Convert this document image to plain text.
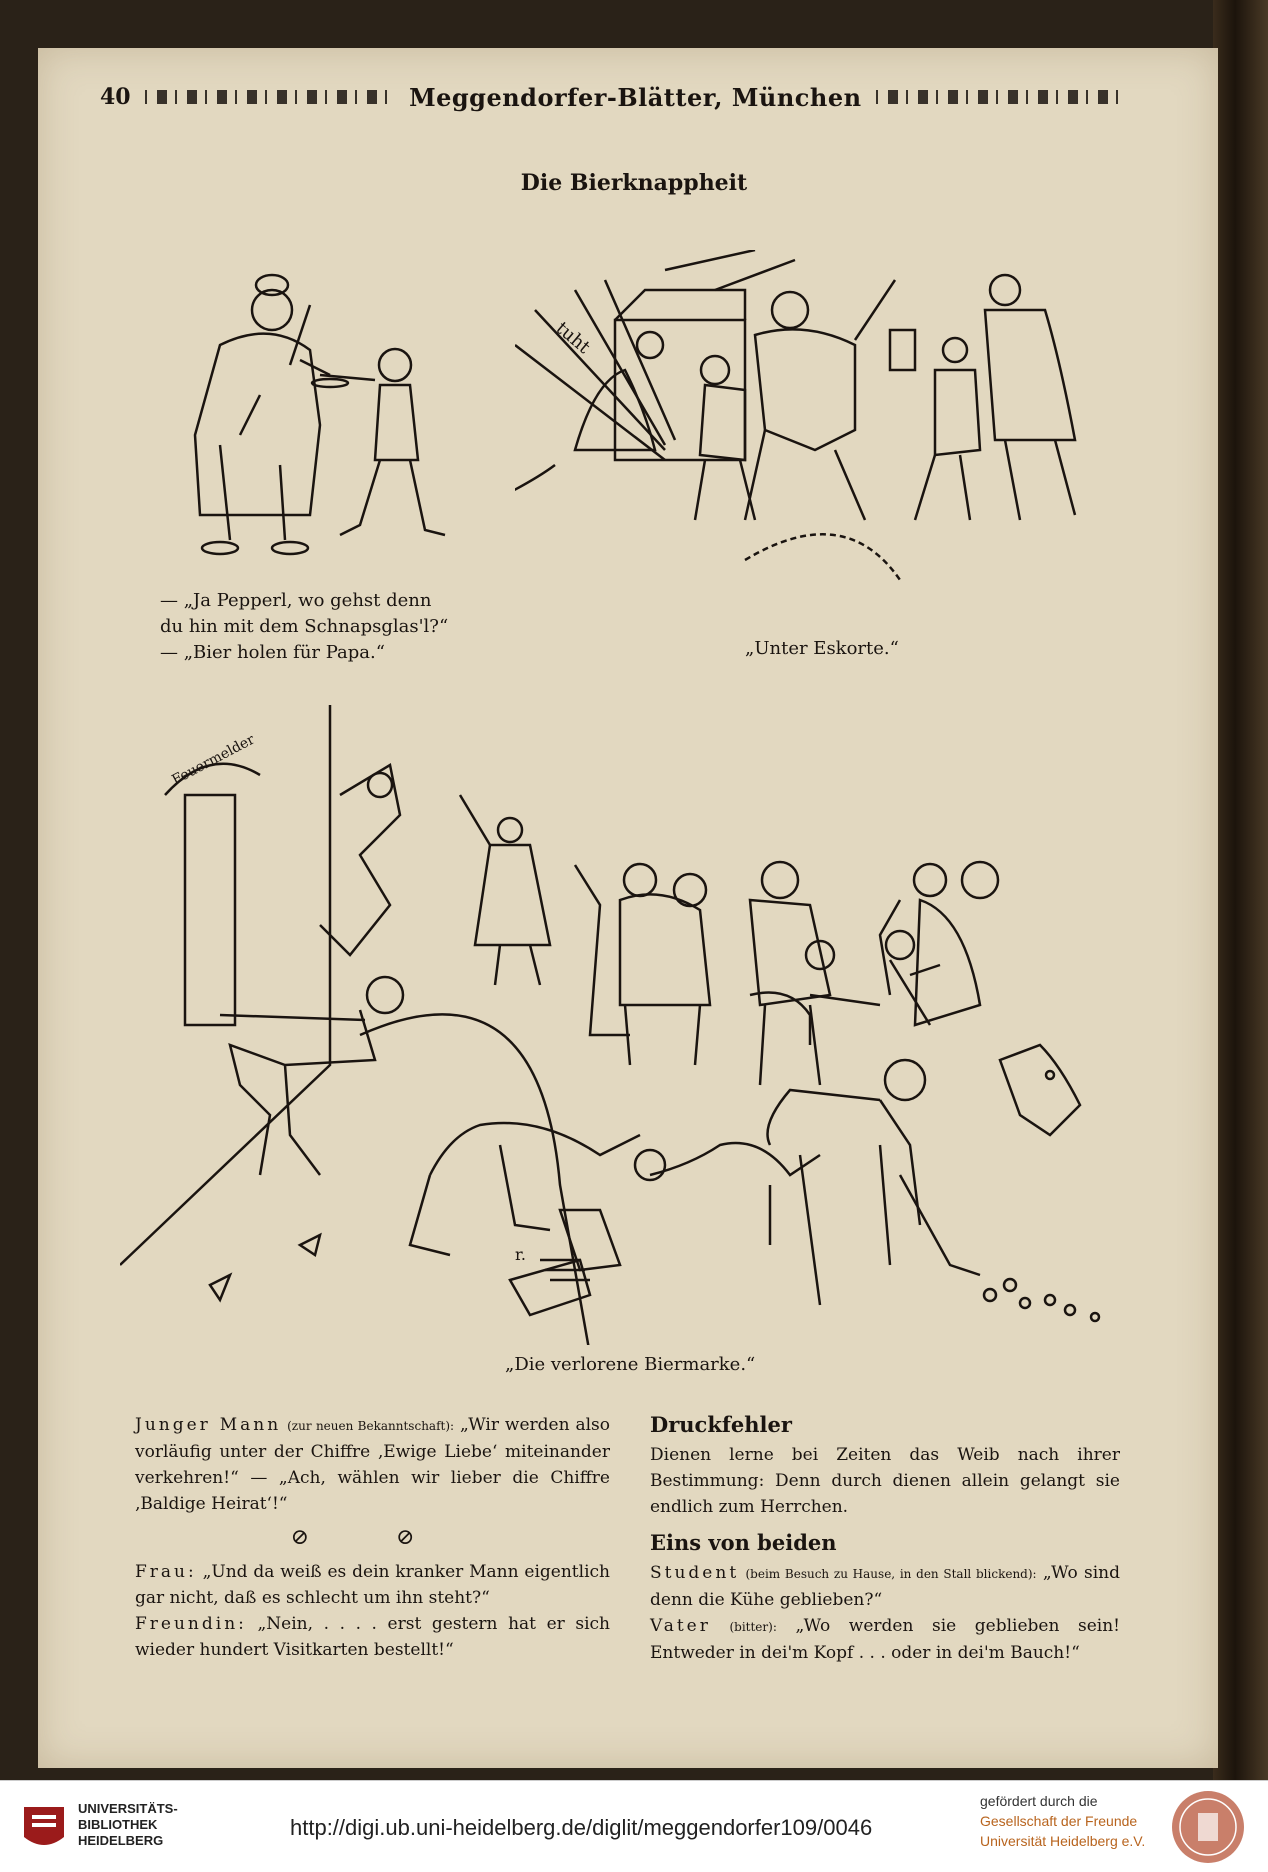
40	Meggendorfer-Blätter, München
Die Bierknappheit
— „Ja Pepperl, wo gehst denn
du hin mit dem Schnapsglas'l?“
— „Bier holen für Papa.“
tuht
„Unter Eskorte.“
Feuermelder
r.
„Die verlorene Biermarke.“
Junger Mann (zur neuen Bekanntschaft): „Wir werden also vorläufig unter der Chiffre ‚Ewige Liebe‘ miteinander verkehren!“ — „Ach, wählen wir lieber die Chiffre ‚Baldige Heirat‘!“
⊘ ⊘
Frau: „Und da weiß es dein kranker Mann eigentlich gar nicht, daß es schlecht um ihn steht?“
Freundin: „Nein, . . . . erst gestern hat er sich wieder hundert Visitkarten bestellt!“
Druckfehler
Dienen lerne bei Zeiten das Weib nach ihrer Bestimmung: Denn durch dienen allein gelangt sie endlich zum Herrchen.
Eins von beiden
Student (beim Besuch zu Hause, in den Stall blickend): „Wo sind denn die Kühe geblieben?“
Vater (bitter): „Wo werden sie geblieben sein! Entweder in dei'm Kopf . . . oder in dei'm Bauch!“
UNIVERSITÄTS-
BIBLIOTHEK
HEIDELBERG
http://digi.ub.uni-heidelberg.de/diglit/meggendorfer109/0046
gefördert durch die
Gesellschaft der Freunde
Universität Heidelberg e.V.
